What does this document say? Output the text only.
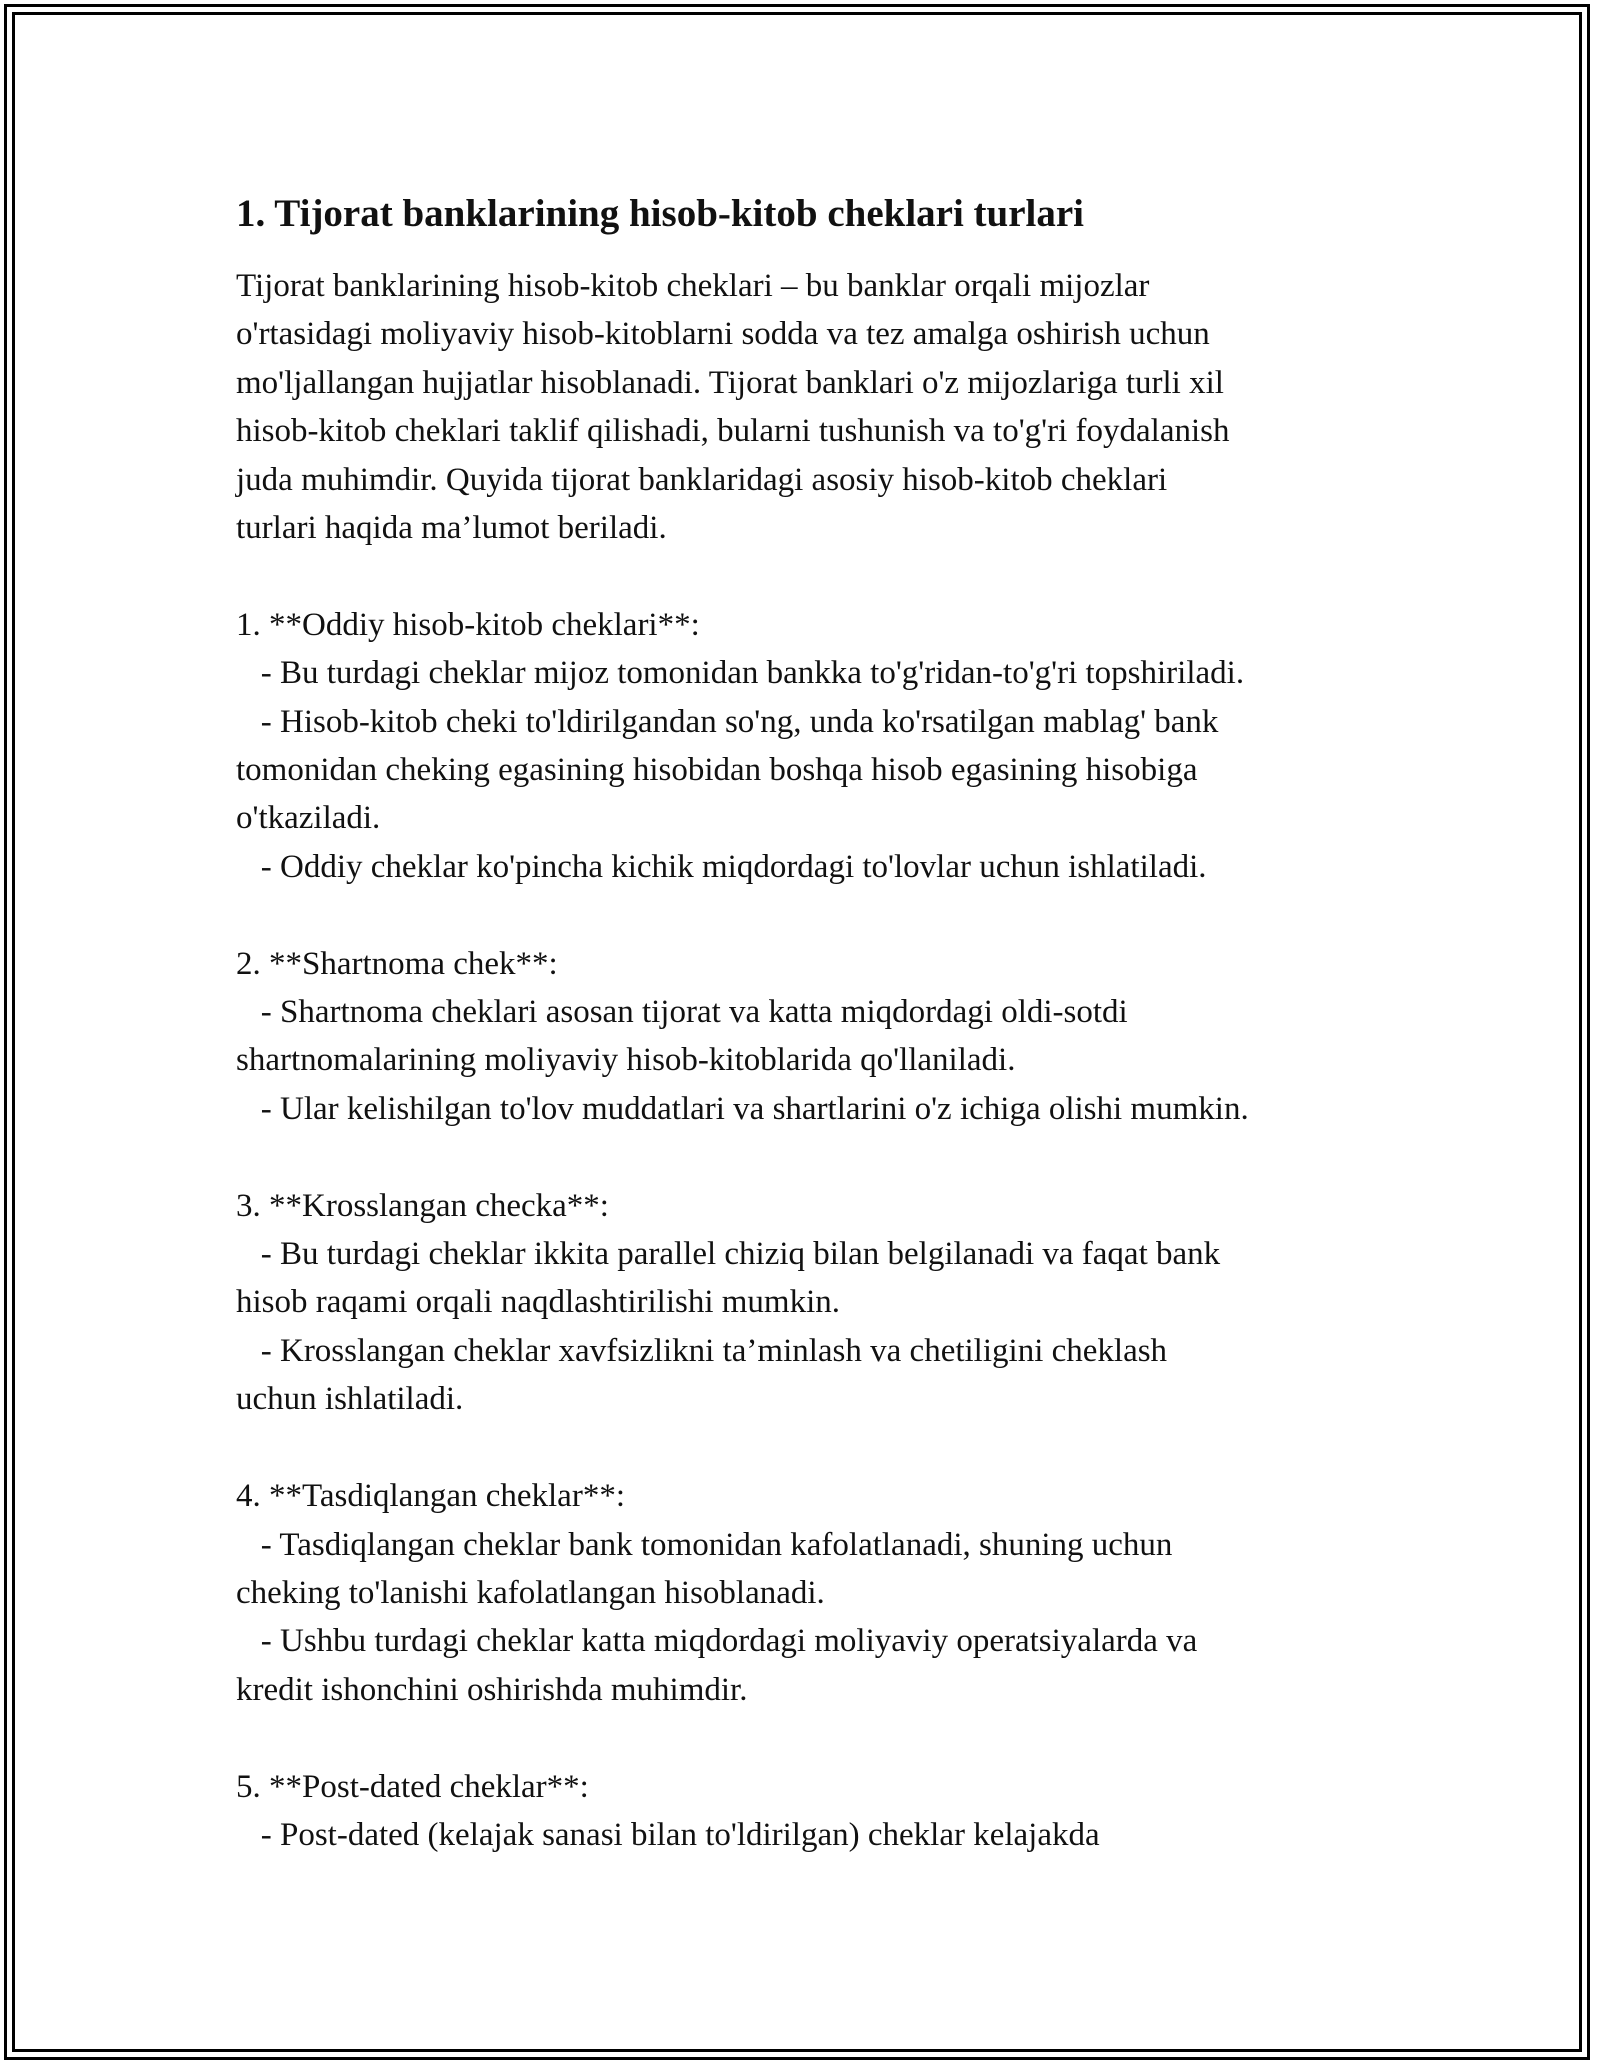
1. Tijorat banklarining hisob-kitob cheklari turlari

Tijorat banklarining hisob-kitob cheklari – bu banklar orqali mijozlar
o'rtasidagi moliyaviy hisob-kitoblarni sodda va tez amalga oshirish uchun
mo'ljallangan hujjatlar hisoblanadi. Tijorat banklari o'z mijozlariga turli xil
hisob-kitob cheklari taklif qilishadi, bularni tushunish va to'g'ri foydalanish
juda muhimdir. Quyida tijorat banklaridagi asosiy hisob-kitob cheklari
turlari haqida ma’lumot beriladi.

1. **Oddiy hisob-kitob cheklari**:

- Bu turdagi cheklar mijoz tomonidan bankka to'g'ridan-to'g'ri topshiriladi.

- Hisob-kitob cheki to'ldirilgandan so'ng, unda ko'rsatilgan mablag' bank
tomonidan cheking egasining hisobidan boshqa hisob egasining hisobiga
o'tkaziladi.

- Oddiy cheklar ko'pincha kichik miqdordagi to'lovlar uchun ishlatiladi.

2. **Shartnoma chek**:

- Shartnoma cheklari asosan tijorat va katta miqdordagi oldi-sotdi
shartnomalarining moliyaviy hisob-kitoblarida qo'llaniladi.

- Ular kelishilgan to'lov muddatlari va shartlarini o'z ichiga olishi mumkin.

3. **Krosslangan checka**:

- Bu turdagi cheklar ikkita parallel chiziq bilan belgilanadi va faqat bank
hisob raqami orqali naqdlashtirilishi mumkin.

- Krosslangan cheklar xavfsizlikni ta’minlash va chetiligini cheklash
uchun ishlatiladi.

4. **Tasdiqlangan cheklar**:

- Tasdiqlangan cheklar bank tomonidan kafolatlanadi, shuning uchun
cheking to'lanishi kafolatlangan hisoblanadi.

- Ushbu turdagi cheklar katta miqdordagi moliyaviy operatsiyalarda va
kredit ishonchini oshirishda muhimdir.

5. **Post-dated cheklar**:

- Post-dated (kelajak sanasi bilan to'ldirilgan) cheklar kelajakda
